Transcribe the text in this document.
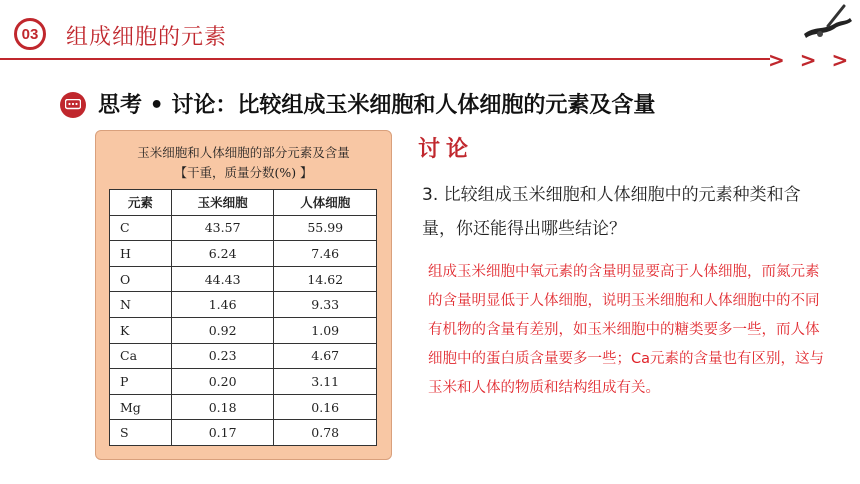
03 组成细胞的元素
> > >
思考 • 讨论：比较组成玉米细胞和人体细胞的元素及含量
玉米细胞和人体细胞的部分元素及含量
【干重，质量分数(%) 】
元素	玉米细胞	人体细胞
C	43.57	55.99
H	6.24	7.46
O	44.43	14.62
N	1.46	9.33
K	0.92	1.09
Ca	0.23	4.67
P	0.20	3.11
Mg	0.18	0.16
S	0.17	0.78
讨论
3. 比较组成玉米细胞和人体细胞中的元素种类和含量，你还能得出哪些结论？
组成玉米细胞中氧元素的含量明显要高于人体细胞，而氮元素的含量明显低于人体细胞，说明玉米细胞和人体细胞中的不同有机物的含量有差别，如玉米细胞中的糖类要多一些，而人体细胞中的蛋白质含量要多一些；Ca元素的含量也有区别，这与玉米和人体的物质和结构组成有关。
